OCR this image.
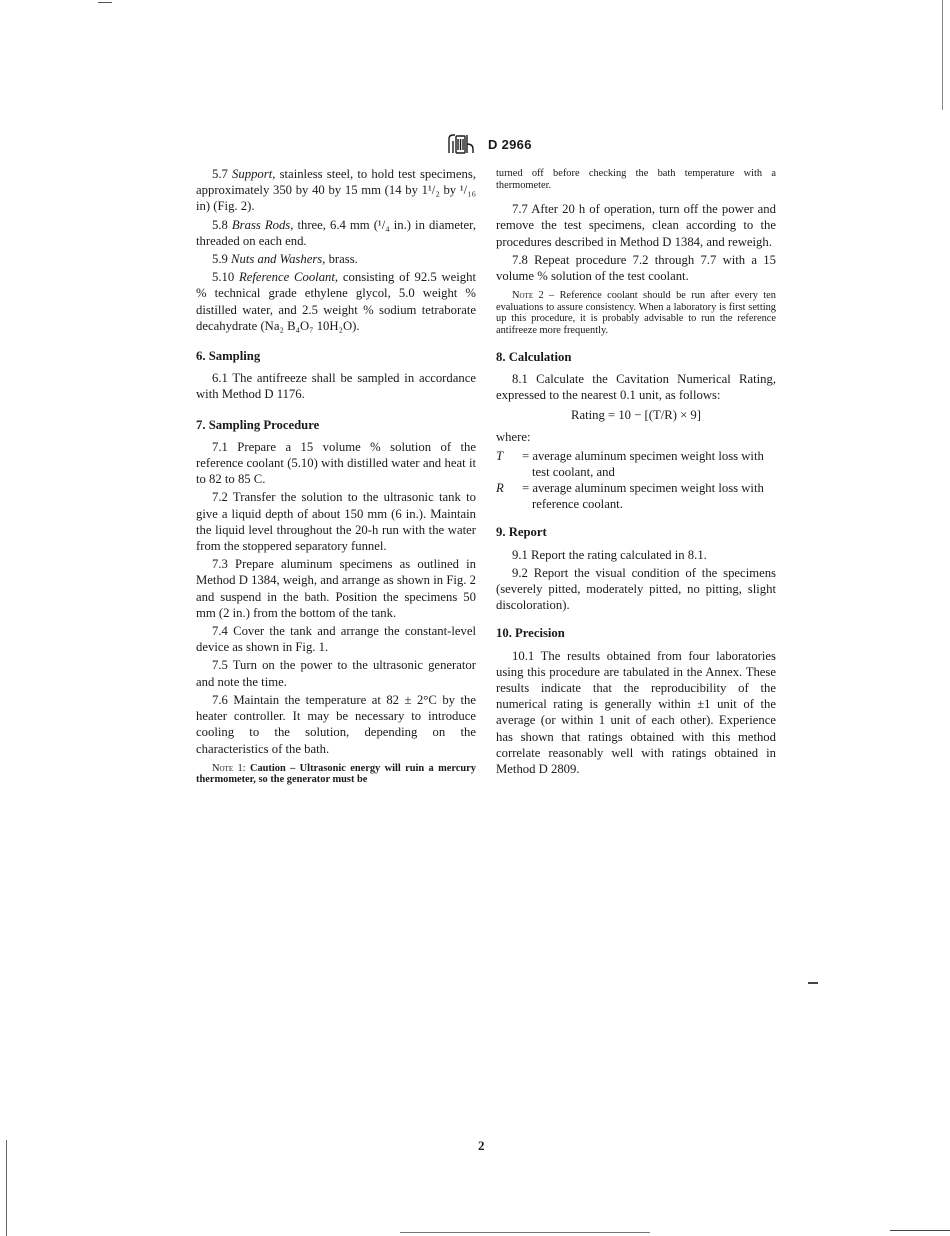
D 2966

5.7 Support, stainless steel, to hold test specimens, approximately 350 by 40 by 15 mm (14 by 1¹/₂ by ¹/₁₆ in) (Fig. 2).

5.8 Brass Rods, three, 6.4 mm (¹/₄ in.) in diameter, threaded on each end.

5.9 Nuts and Washers, brass.

5.10 Reference Coolant, consisting of 92.5 weight % technical grade ethylene glycol, 5.0 weight % distilled water, and 2.5 weight % sodium tetraborate decahydrate (Na₂ B₄O₇ 10H₂O).

6. Sampling

6.1 The antifreeze shall be sampled in accordance with Method D 1176.

7. Sampling Procedure

7.1 Prepare a 15 volume % solution of the reference coolant (5.10) with distilled water and heat it to 82 to 85 C.

7.2 Transfer the solution to the ultrasonic tank to give a liquid depth of about 150 mm (6 in.). Maintain the liquid level throughout the 20-h run with the water from the stoppered separatory funnel.

7.3 Prepare aluminum specimens as outlined in Method D 1384, weigh, and arrange as shown in Fig. 2 and suspend in the bath. Position the specimens 50 mm (2 in.) from the bottom of the tank.

7.4 Cover the tank and arrange the constant-level device as shown in Fig. 1.

7.5 Turn on the power to the ultrasonic generator and note the time.

7.6 Maintain the temperature at 82 ± 2°C by the heater controller. It may be necessary to introduce cooling to the solution, depending on the characteristics of the bath.

Note 1: Caution – Ultrasonic energy will ruin a mercury thermometer, so the generator must be

turned off before checking the bath temperature with a thermometer.

7.7 After 20 h of operation, turn off the power and remove the test specimens, clean according to the procedures described in Method D 1384, and reweigh.

7.8 Repeat procedure 7.2 through 7.7 with a 15 volume % solution of the test coolant.

Note 2 – Reference coolant should be run after every ten evaluations to assure consistency. When a laboratory is first setting up this procedure, it is probably advisable to run the reference antifreeze more frequently.

8. Calculation

8.1 Calculate the Cavitation Numerical Rating, expressed to the nearest 0.1 unit, as follows:

Rating = 10 − [(T/R) × 9]

where:

T	= average aluminum specimen weight loss with test coolant, and
R	= average aluminum specimen weight loss with reference coolant.
9. Report

9.1 Report the rating calculated in 8.1.

9.2 Report the visual condition of the specimens (severely pitted, moderately pitted, no pitting, slight discoloration).

10. Precision

10.1 The results obtained from four laboratories using this procedure are tabulated in the Annex. These results indicate that the reproducibility of the numerical rating is generally within ±1 unit of the average (or within 1 unit of each other). Experience has shown that ratings obtained with this method correlate reasonably well with ratings obtained in Method D 2809.

2
